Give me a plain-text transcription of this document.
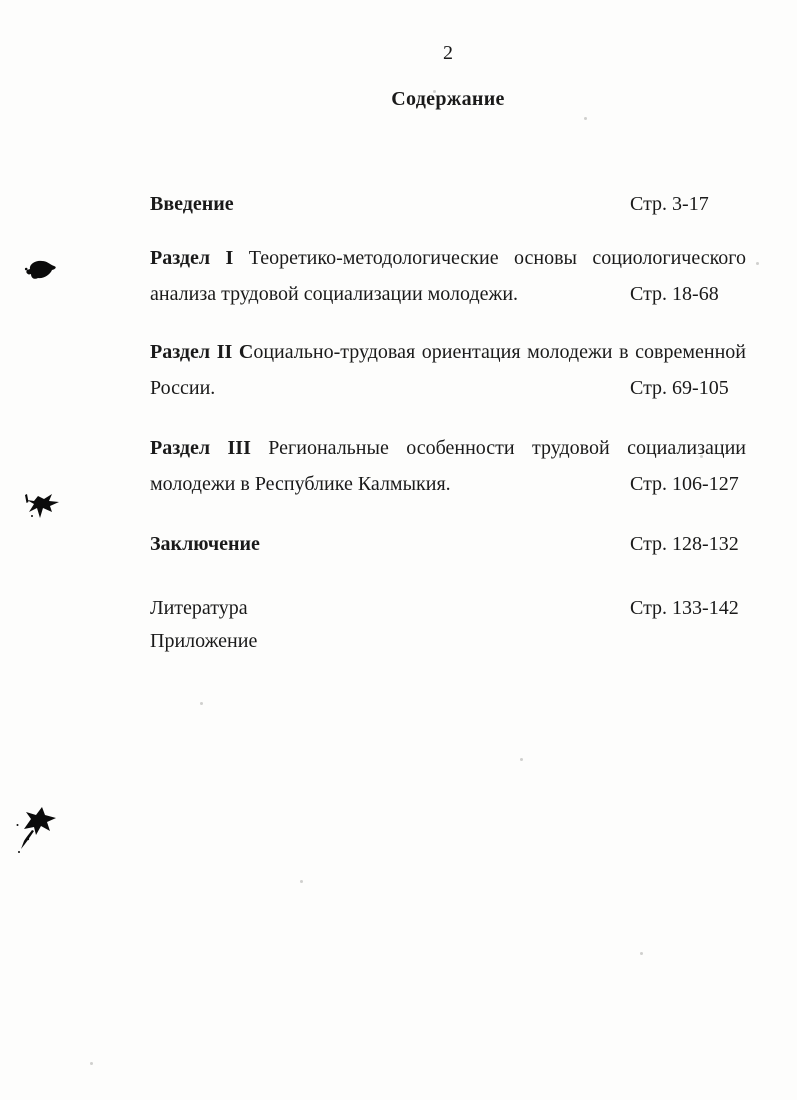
2
Содержание
Введение	Стр. 3-17
Раздел I Теоретико-методологические основы социологического
анализа трудовой социализации молодежи.	Стр. 18-68
Раздел II Социально-трудовая ориентация молодежи в современной
России.	Стр. 69-105
Раздел III Региональные особенности трудовой социализации
молодежи в Республике Калмыкия.	Стр. 106-127
Заключение	Стр. 128-132
Литература	Стр. 133-142
Приложение
